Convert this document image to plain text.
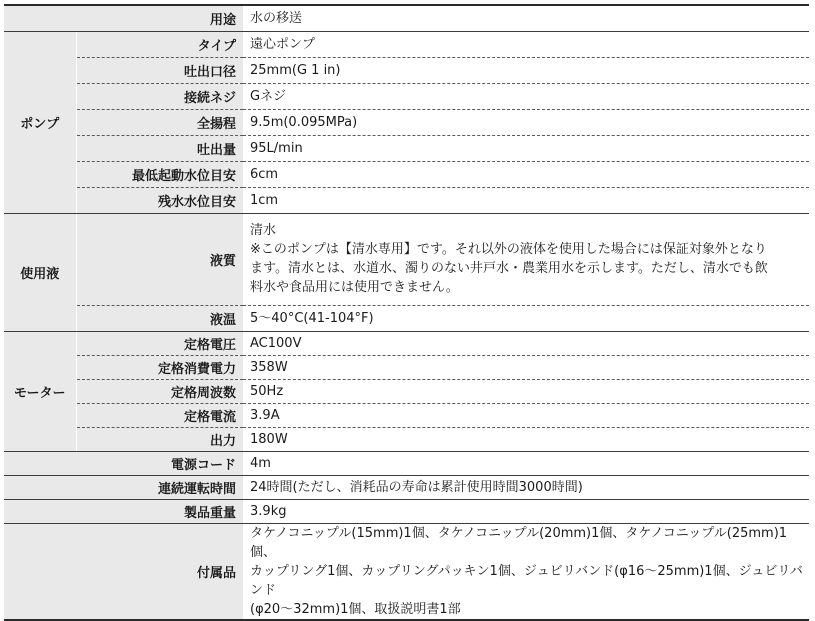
用途		水の移送
ポンプ	タイプ	遠心ポンプ
	吐出口径	25mm(G 1 in)
	接続ネジ	Gネジ
	全揚程	9.5m(0.095MPa)
	吐出量	95L/min
	最低起動水位目安	6cm
	残水水位目安	1cm
使用液	液質	清水
※このポンプは【清水専用】です。それ以外の液体を使用した場合には保証対象外となり
ます。清水とは、水道水、濁りのない井戸水・農業用水を示します。ただし、清水でも飲
料水や食品用には使用できません。

	液温	5～40°C(41-104°F)
モーター	定格電圧	AC100V
	定格消費電力	358W
	定格周波数	50Hz
	定格電流	3.9A
	出力	180W
電源コード		4m
連続運転時間		24時間(ただし、消耗品の寿命は累計使用時間3000時間)
製品重量		3.9kg
付属品		タケノコニップル(15mm)1個、タケノコニップル(20mm)1個、タケノコニップル(25mm)1個、
カップリング1個、カップリングパッキン1個、ジュビリバンド(φ16～25mm)1個、ジュビリバンド
(φ20～32mm)1個、取扱説明書1部
